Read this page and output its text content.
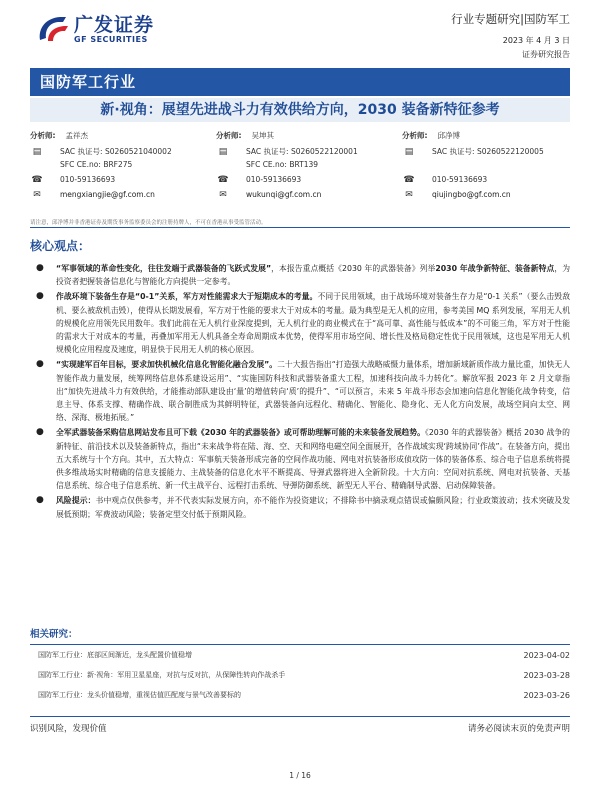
广发证券
GF SECURITIES
行业专题研究|国防军工
2023 年 4 月 3 日
证券研究报告
国防军工行业
新·视角：展望先进战斗力有效供给方向，2030 装备新特征参考
分析师: 孟祥杰
▤	SAC 执证号: S0260521040002
SFC CE.no: BRF275
☎ 010-59136693
✉	mengxiangjie@gf.com.cn
分析师: 吴坤其
▤	SAC 执证号: S0260522120001
SFC CE.no: BRT139
☎ 010-59136693
✉	wukunqi@gf.com.cn
分析师: 邱净博
▤	SAC 执证号: S0260522120005
☎ 010-59136693
✉	qiujingbo@gf.com.cn
请注意，邱净博并非香港证券及期货事务监察委员会的注册持牌人，不可在香港从事受监管活动。
核心观点：
● “军事领域的革命性变化，往往发端于武器装备的飞跃式发展”，本报告重点概括《2030 年的武器装备》列举2030 年战争新特征、装备新特点，为投资者把握装备信息化与智能化方向提供一定参考。
● 作战环境下装备生存是“0-1”关系，军方对性能需求大于短期成本的考量。不同于民用领域，由于战场环境对装备生存力是“0-1 关系”（要么击毁敌机、要么被敌机击毁），使得从长期发展看，军方对于性能的要求大于对成本的考量。最为典型是无人机的应用，参考美国 MQ 系列发展，军用无人机的规模化应用领先民用数年。我们此前在无人机行业深度提到，无人机行业的商业模式在于“高可靠、高性能与低成本”的不可能三角，军方对于性能的需求大于对成本的考量，再叠加军用无人机具备全寿命周期成本优势，使得军用市场空间、增长性及格局稳定性优于民用领域，这也是军用无人机规模化应用程度及速度，明显快于民用无人机的核心原因。
● “实现建军百年目标，要求加快机械化信息化智能化融合发展”。二十大报告指出“打造强大战略威慑力量体系，增加新域新质作战力量比重，加快无人智能作战力量发展，统筹网络信息体系建设运用”、“实施国防科技和武器装备重大工程，加速科技向战斗力转化”。解放军报 2023 年 2 月文章指出“加快先进战斗力有效供给，才能推动部队建设由‘量’的增值转向‘质’的提升”、“可以预言，未来 5 年战斗形态会加速向信息化智能化战争转变，信息主导、体系支撑、精确作战、联合制胜成为其鲜明特征，武器装备向远程化、精确化、智能化、隐身化、无人化方向发展，战场空间向太空、网络、深海、极地拓展。”
● 全军武器装备采购信息网站发布且可下载《2030 年的武器装备》或可帮助理解可能的未来装备发展趋势。《2030 年的武器装备》概括 2030 战争的新特征、前沿技术以及装备新特点，指出“未来战争将在陆、海、空、天和网络电磁空间全面展开，各作战域实现‘跨域协同’作战”。在装备方向，提出五大系统与十个方向。其中，五大特点：军事航天装备形成完备的空间作战功能、网电对抗装备形成侦攻防一体的装备体系、综合电子信息系统将提供多维战场实时精确的信息支援能力、主战装备的信息化水平不断提高、导弹武器将进入全新阶段。十大方向：空间对抗系统、网电对抗装备、天基信息系统、综合电子信息系统、新一代主战平台、远程打击系统、导弹防御系统、新型无人平台、精确制导武器、启动保障装备。
● 风险提示：书中观点仅供参考，并不代表实际发展方向，亦不能作为投资建议；不排除书中摘录观点错误或偏颇风险；行业政策波动；技术突破及发展低预期；军费波动风险；装备定型交付低于预期风险。
相关研究：
国防军工行业：底部区间渐近，龙头配置价值稳增	2023-04-02
国防军工行业：新·视角：军用卫星星座，对抗与反对抗，从保障性转向作战杀手	2023-03-28
国防军工行业：龙头价值稳增，重视估值匹配度与景气改善要标的	2023-03-26
识别风险，发现价值	请务必阅读末页的免责声明
1 / 16
